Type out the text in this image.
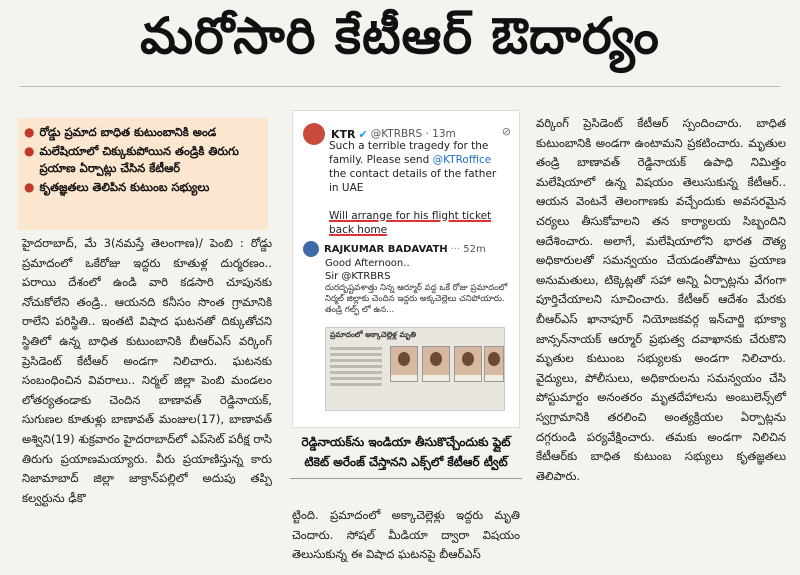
మరోసారి కేటీఆర్ ఔదార్యం
● రోడ్డు ప్రమాద బాధిత కుటుంబానికి అండ
● మలేషియాలో చిక్కుకుపోయిన తండ్రికి తిరుగు ప్రయాణ ఏర్పాట్లు చేసిన కేటీఆర్
● కృతజ్ఞతలు తెలిపిన కుటుంబ సభ్యులు

హైదరాబాద్, మే 3(నమస్తే తెలంగాణ)/ పెంబి : రోడ్డు ప్రమాదంలో ఒకేరోజు ఇద్దరు కూతుళ్ల దుర్మరణం.. పరాయి దేశంలో ఉండి వారి కడసారి చూపునకు నోచుకోలేని తండ్రి.. ఆయనది కనీసం సొంత గ్రామానికి రాలేని పరిస్థితి.. ఇంతటి విషాద ఘటనతో దిక్కుతోచని స్థితిలో ఉన్న బాధిత కుటుంబానికి బీఆర్ఎస్ వర్కింగ్ ప్రెసిడెంట్ కేటీఆర్ అండగా నిలిచారు. ఘటనకు సంబంధించిన వివరాలు.. నిర్మల్ జిల్లా పెంబి మండలం లోతర్యతండాకు చెందిన బాణావత్ రెడ్డినాయక్, సుగుణల కూతుళ్లు బాణావత్ మంజుల(17), బాణావత్ అశ్విని(19) శుక్రవారం హైదరాబాద్‌లో ఎప్‌సెట్ పరీక్ష రాసి తిరుగు ప్రయాణమయ్యారు. వీరు ప్రయాణిస్తున్న కారు నిజామాబాద్ జిల్లా జాక్రాన్‌పల్లిలో అదుపు తప్పి కల్వర్టును ఢీకొ

KTR ✔ @KTRBRS · 13m	⊘
Such a terrible tragedy for the family. Please send @KTRoffice the contact details of the father in UAE

Will arrange for his flight ticket back home
RAJKUMAR BADAVATH ··· 52m
Good Afternoon..
Sir @KTRBRS
దురదృష్టవశాత్తు నిన్న ఆర్మూర్ వద్ద ఒకే రోజు ప్రమాదంలో నిర్మల్ జిల్లాకు చెందిన ఇద్దరు అక్కచెల్లెలు చనిపోయారు. తండ్రి గల్ఫ్ లో ఉన...
ప్రమాదంలో అక్కాచెల్లెళ్ల మృతి
రెడ్డినాయక్‌ను ఇండియా తీసుకొచ్చేందుకు ఫ్లైట్ టికెట్ అరేంజ్ చేస్తానని ఎక్స్‌లో కేటీఆర్ ట్వీట్

ట్టింది. ప్రమాదంలో అక్కాచెల్లెళ్లు ఇద్దరు మృతి చెందారు. సోషల్ మీడియా ద్వారా విషయం తెలుసుకున్న ఈ విషాద ఘటనపై బీఆర్ఎస్

వర్కింగ్ ప్రెసిడెంట్ కేటీఆర్ స్పందించారు. బాధిత కుటుంబానికి అండగా ఉంటామని ప్రకటించారు. మృతుల తండ్రి బాణావత్ రెడ్డినాయక్ ఉపాధి నిమిత్తం మలేషియాలో ఉన్న విషయం తెలుసుకున్న కేటీఆర్.. ఆయన వెంటనే తెలంగాణకు వచ్చేందుకు అవసరమైన చర్యలు తీసుకోవాలని తన కార్యాలయ సిబ్బందిని ఆదేశించారు. అలాగే, మలేషియాలోని భారత దౌత్య అధికారులతో సమన్వయం చేయడంతోపాటు ప్రయాణ అనుమతులు, టిక్కెట్లతో సహా అన్ని ఏర్పాట్లను వేగంగా పూర్తిచేయాలని సూచించారు. కేటీఆర్ ఆదేశం మేరకు బీఆర్ఎస్ ఖానాపూర్ నియోజకవర్గ ఇన్‌చార్జి భూక్యా జాన్సన్‌నాయక్ ఆర్మూర్ ప్రభుత్వ దవాఖానకు చేరుకొని మృతుల కుటుంబ సభ్యులకు అండగా నిలిచారు. వైద్యులు, పోలీసులు, అధికారులను సమన్వయం చేసి పోస్టుమార్టం అనంతరం మృతదేహాలను అంబులెన్స్‌లో స్వగ్రామానికి తరలించి అంత్యక్రియల ఏర్పాట్లను దగ్గరుండి పర్యవేక్షించారు. తమకు అండగా నిలిచిన కేటీఆర్‌కు బాధిత కుటుంబ సభ్యులు కృతజ్ఞతలు తెలిపారు.
